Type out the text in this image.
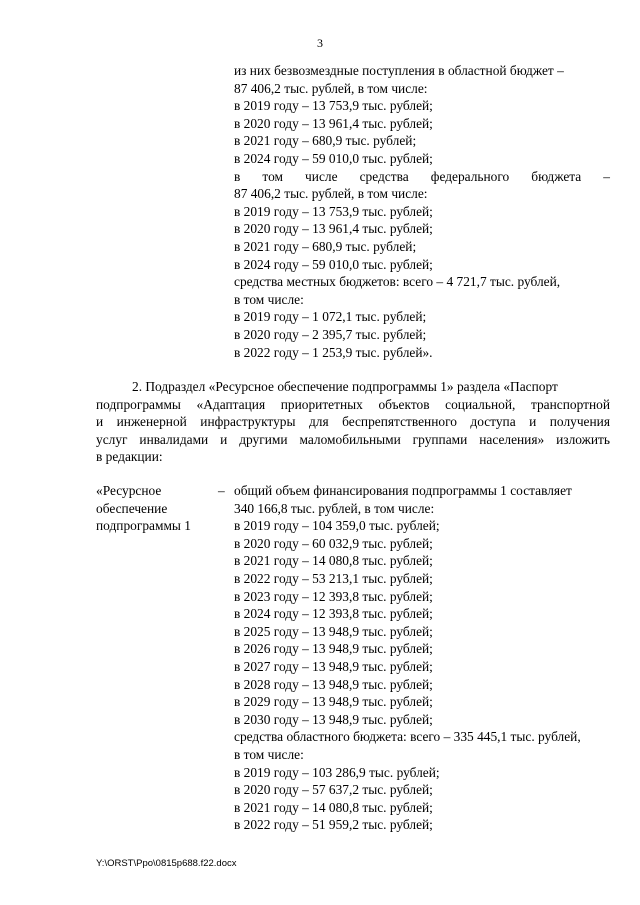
3
из них безвозмездные поступления в областной бюджет –
87 406,2 тыс. рублей, в том числе:
в 2019 году – 13 753,9 тыс. рублей;
в 2020 году – 13 961,4 тыс. рублей;
в 2021 году – 680,9 тыс. рублей;
в 2024 году – 59 010,0 тыс. рублей;
в том числе средства федерального бюджета –
87 406,2 тыс. рублей, в том числе:
в 2019 году – 13 753,9 тыс. рублей;
в 2020 году – 13 961,4 тыс. рублей;
в 2021 году – 680,9 тыс. рублей;
в 2024 году – 59 010,0 тыс. рублей;
средства местных бюджетов: всего – 4 721,7 тыс. рублей,
в том числе:
в 2019 году – 1 072,1 тыс. рублей;
в 2020 году – 2 395,7 тыс. рублей;
в 2022 году – 1 253,9 тыс. рублей».
2. Подраздел «Ресурсное обеспечение подпрограммы 1» раздела «Паспорт
подпрограммы «Адаптация приоритетных объектов социальной, транспортной
и инженерной инфраструктуры для беспрепятственного доступа и получения
услуг инвалидами и другими маломобильными группами населения» изложить
в редакции:
«Ресурсное
обеспечение
подпрограммы 1
– общий объем финансирования подпрограммы 1 составляет
340 166,8 тыс. рублей, в том числе:
в 2019 году – 104 359,0 тыс. рублей;
в 2020 году – 60 032,9 тыс. рублей;
в 2021 году – 14 080,8 тыс. рублей;
в 2022 году – 53 213,1 тыс. рублей;
в 2023 году – 12 393,8 тыс. рублей;
в 2024 году – 12 393,8 тыс. рублей;
в 2025 году – 13 948,9 тыс. рублей;
в 2026 году – 13 948,9 тыс. рублей;
в 2027 году – 13 948,9 тыс. рублей;
в 2028 году – 13 948,9 тыс. рублей;
в 2029 году – 13 948,9 тыс. рублей;
в 2030 году – 13 948,9 тыс. рублей;
средства областного бюджета: всего – 335 445,1 тыс. рублей,
в том числе:
в 2019 году – 103 286,9 тыс. рублей;
в 2020 году – 57 637,2 тыс. рублей;
в 2021 году – 14 080,8 тыс. рублей;
в 2022 году – 51 959,2 тыс. рублей;
Y:\ORST\Ppo\0815p688.f22.docx
